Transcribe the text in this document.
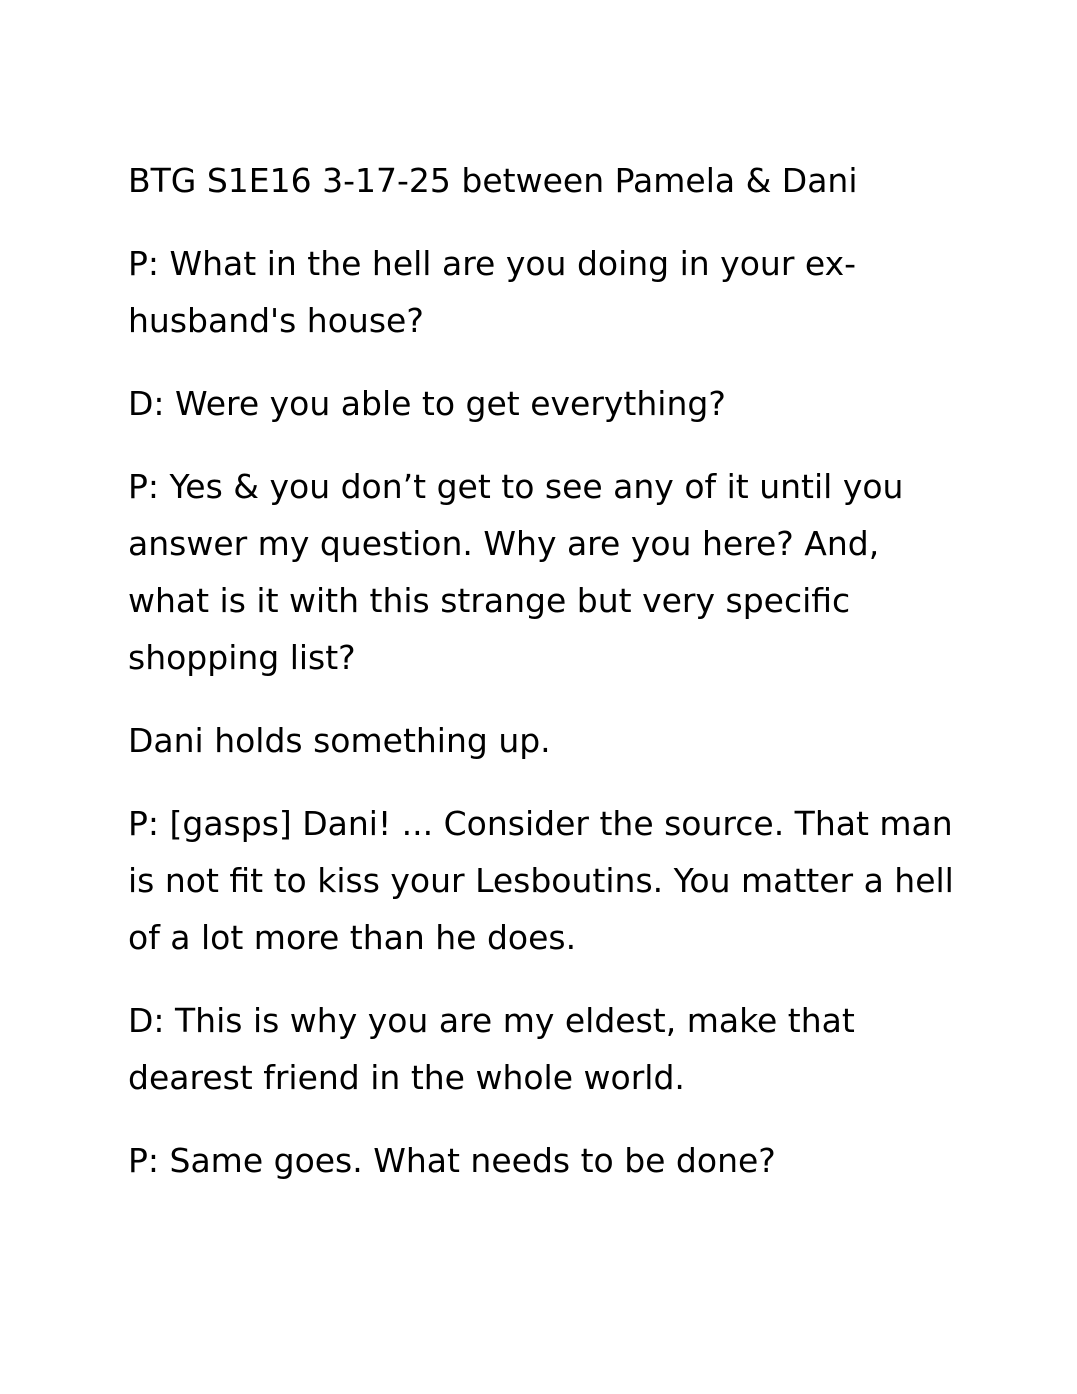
BTG S1E16 3-17-25 between Pamela & Dani

P: What in the hell are you doing in your ex-husband's house?

D: Were you able to get everything?

P: Yes & you don’t get to see any of it until you answer my question. Why are you here? And, what is it with this strange but very specific shopping list?

Dani holds something up.

P: [gasps] Dani! ... Consider the source. That man is not fit to kiss your Lesboutins. You matter a hell of a lot more than he does.

D: This is why you are my eldest, make that dearest friend in the whole world.

P: Same goes. What needs to be done?
